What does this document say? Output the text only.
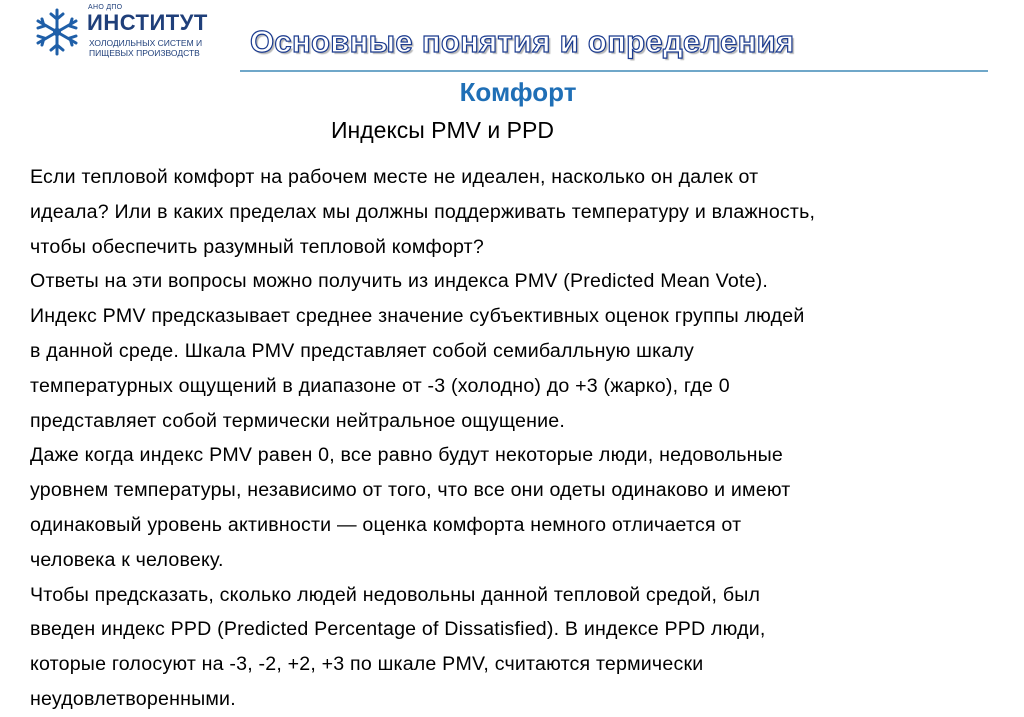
АНО ДПО
ИНСТИТУТ
ХОЛОДИЛЬНЫХ СИСТЕМ И
ПИЩЕВЫХ ПРОИЗВОДСТВ Основные понятия и определения
Комфорт
Индексы PMV и PPD
Если тепловой комфорт на рабочем месте не идеален, насколько он далек от
идеала? Или в каких пределах мы должны поддерживать температуру и влажность,
чтобы обеспечить разумный тепловой комфорт?
Ответы на эти вопросы можно получить из индекса PMV (Predicted Mean Vote).
Индекс PMV предсказывает среднее значение субъективных оценок группы людей
в данной среде. Шкала PMV представляет собой семибалльную шкалу
температурных ощущений в диапазоне от -3 (холодно) до +3 (жарко), где 0
представляет собой термически нейтральное ощущение.
Даже когда индекс PMV равен 0, все равно будут некоторые люди, недовольные
уровнем температуры, независимо от того, что все они одеты одинаково и имеют
одинаковый уровень активности — оценка комфорта немного отличается от
человека к человеку.
Чтобы предсказать, сколько людей недовольны данной тепловой средой, был
введен индекс PPD (Predicted Percentage of Dissatisfied). В индексе PPD люди,
которые голосуют на -3, -2, +2, +3 по шкале PMV, считаются термически
неудовлетворенными.
